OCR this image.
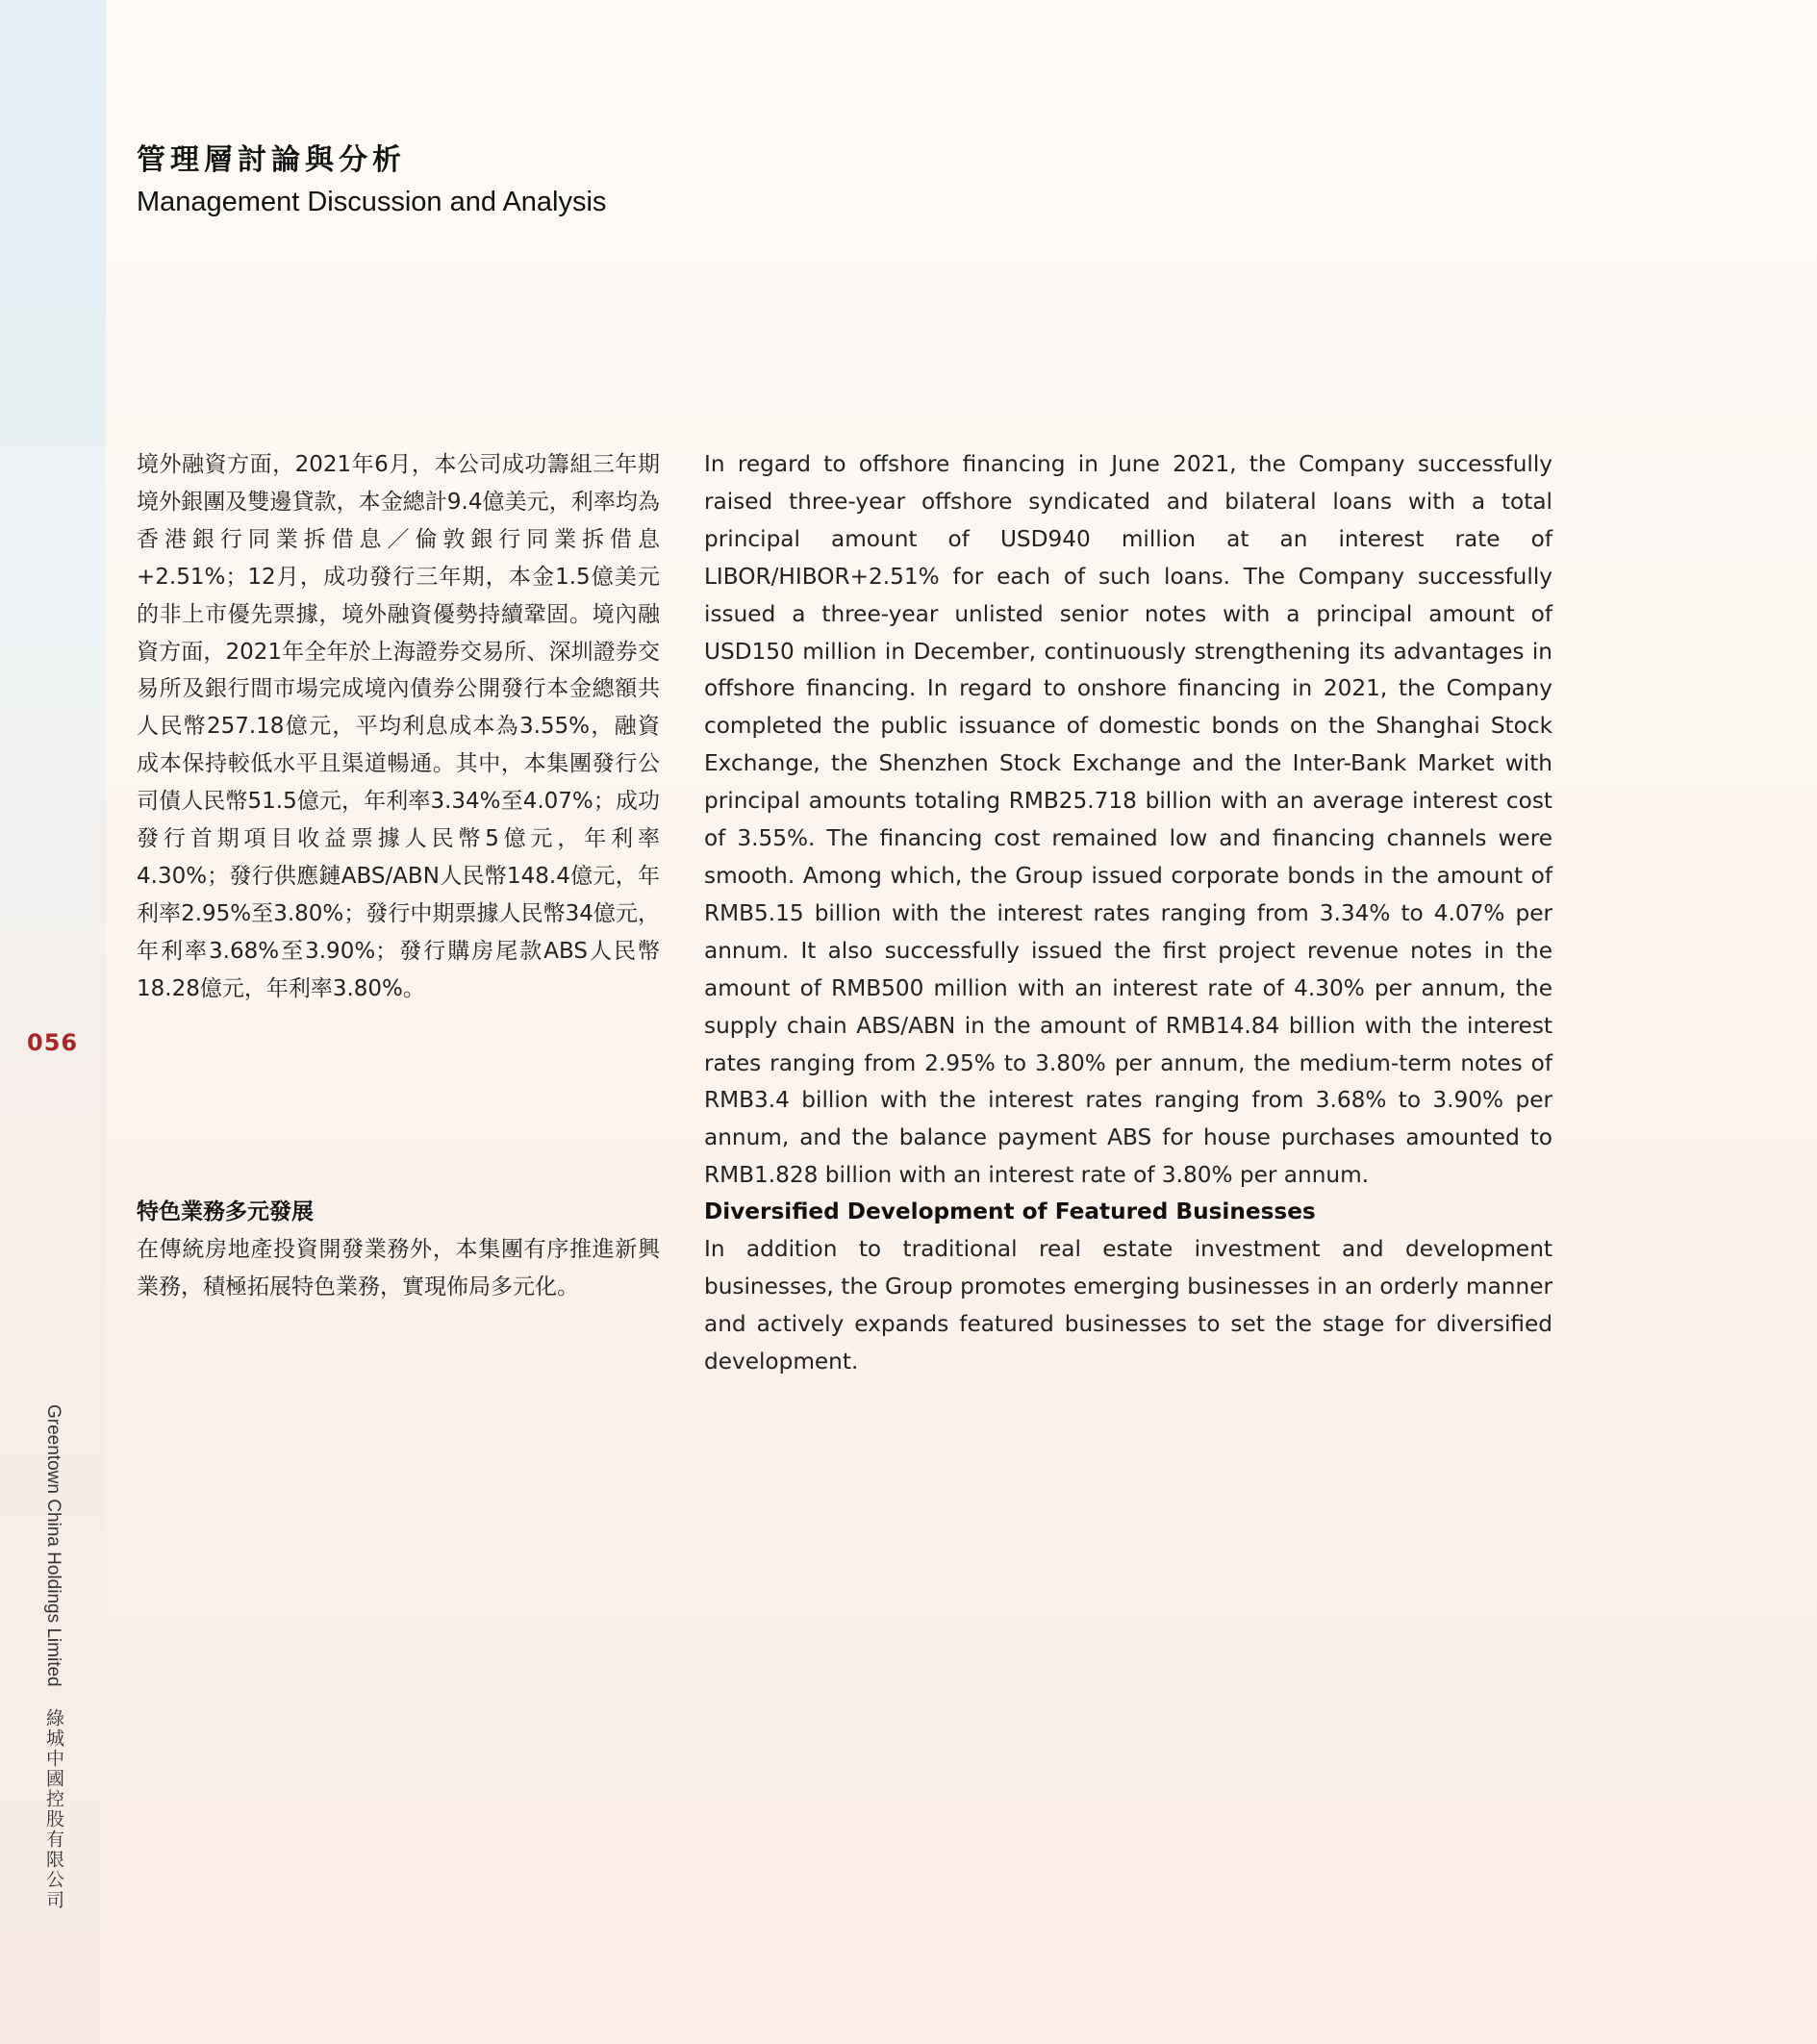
056
Greentown China Holdings Limited綠城中國控股有限公司
管理層討論與分析
Management Discussion and Analysis

境外融資方面，2021年6月，本公司成功籌組三年期境外銀團及雙邊貸款，本金總計9.4億美元，利率均為香港銀行同業拆借息／倫敦銀行同業拆借息+2.51%；12月，成功發行三年期，本金1.5億美元的非上市優先票據，境外融資優勢持續鞏固。境內融資方面，2021年全年於上海證券交易所、深圳證券交易所及銀行間市場完成境內債券公開發行本金總額共人民幣257.18億元，平均利息成本為3.55%，融資成本保持較低水平且渠道暢通。其中，本集團發行公司債人民幣51.5億元，年利率3.34%至4.07%；成功發行首期項目收益票據人民幣5億元，年利率4.30%；發行供應鏈ABS/ABN人民幣148.4億元，年利率2.95%至3.80%；發行中期票據人民幣34億元，年利率3.68%至3.90%；發行購房尾款ABS人民幣18.28億元，年利率3.80%。

In regard to offshore financing in June 2021, the Company successfully raised three-year offshore syndicated and bilateral loans with a total principal amount of USD940 million at an interest rate of LIBOR/HIBOR+2.51% for each of such loans. The Company successfully issued a three-year unlisted senior notes with a principal amount of USD150 million in December, continuously strengthening its advantages in offshore financing. In regard to onshore financing in 2021, the Company completed the public issuance of domestic bonds on the Shanghai Stock Exchange, the Shenzhen Stock Exchange and the Inter-Bank Market with principal amounts totaling RMB25.718 billion with an average interest cost of 3.55%. The financing cost remained low and financing channels were smooth. Among which, the Group issued corporate bonds in the amount of RMB5.15 billion with the interest rates ranging from 3.34% to 4.07% per annum. It also successfully issued the first project revenue notes in the amount of RMB500 million with an interest rate of 4.30% per annum, the supply chain ABS/ABN in the amount of RMB14.84 billion with the interest rates ranging from 2.95% to 3.80% per annum, the medium-term notes of RMB3.4 billion with the interest rates ranging from 3.68% to 3.90% per annum, and the balance payment ABS for house purchases amounted to RMB1.828 billion with an interest rate of 3.80% per annum.

特色業務多元發展

在傳統房地產投資開發業務外，本集團有序推進新興業務，積極拓展特色業務，實現佈局多元化。

Diversified Development of Featured Businesses

In addition to traditional real estate investment and development businesses, the Group promotes emerging businesses in an orderly manner and actively expands featured businesses to set the stage for diversified development.
